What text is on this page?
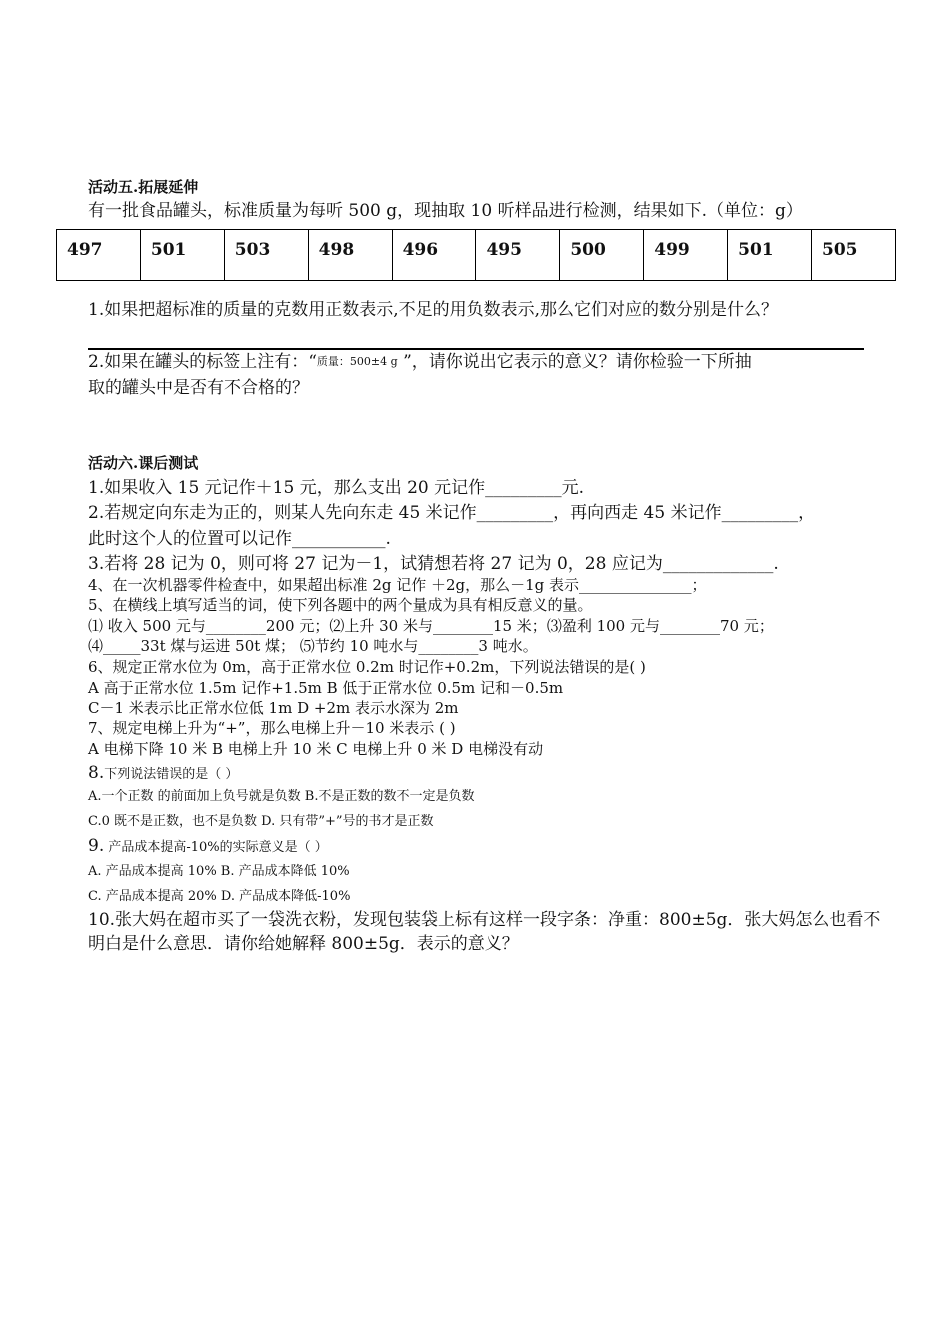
活动五.拓展延伸
有一批食品罐头，标准质量为每听 500 g，现抽取 10 听样品进行检测，结果如下.（单位：g）
497	501	503	498	496	495	500	499	501	505
1.如果把超标准的质量的克数用正数表示,不足的用负数表示,那么它们对应的数分别是什么？
2.如果在罐头的标签上注有：“质量：500±4 g ”，请你说出它表示的意义？请你检验一下所抽
取的罐头中是否有不合格的？
活动六.课后测试
1.如果收入 15 元记作＋15 元，那么支出 20 元记作_________元.
2.若规定向东走为正的，则某人先向东走 45 米记作_________，再向西走 45 米记作_________，
此时这个人的位置可以记作___________.
3.若将 28 记为 0，则可将 27 记为－1，试猜想若将 27 记为 0，28 应记为_____________.
4、在一次机器零件检查中，如果超出标准 2g 记作 ＋2g，那么－1g 表示_______________；
5、在横线上填写适当的词，使下列各题中的两个量成为具有相反意义的量。
⑴ 收入 500 元与________200 元；⑵上升 30 米与________15 米；⑶盈利 100 元与________70 元；
⑷_____33t 煤与运进 50t 煤； ⑸节约 10 吨水与________3 吨水。
6、规定正常水位为 0m，高于正常水位 0.2m 时记作+0.2m，下列说法错误的是( )
A 高于正常水位 1.5m 记作+1.5m B 低于正常水位 0.5m 记和－0.5m
C－1 米表示比正常水位低 1m D +2m 表示水深为 2m
7、规定电梯上升为“+”，那么电梯上升－10 米表示 ( )
A 电梯下降 10 米 B 电梯上升 10 米 C 电梯上升 0 米 D 电梯没有动
8.下列说法错误的是（ ）
A.一个正数 的前面加上负号就是负数 B.不是正数的数不一定是负数
C.0 既不是正数，也不是负数 D. 只有带”+”号的书才是正数
9. 产品成本提高-10%的实际意义是（ ）
A. 产品成本提高 10% B. 产品成本降低 10%
C. 产品成本提高 20% D. 产品成本降低-10%
10.张大妈在超市买了一袋洗衣粉，发现包装袋上标有这样一段字条：净重：800±5g．张大妈怎么也看不
明白是什么意思．请你给她解释 800±5g．表示的意义？
